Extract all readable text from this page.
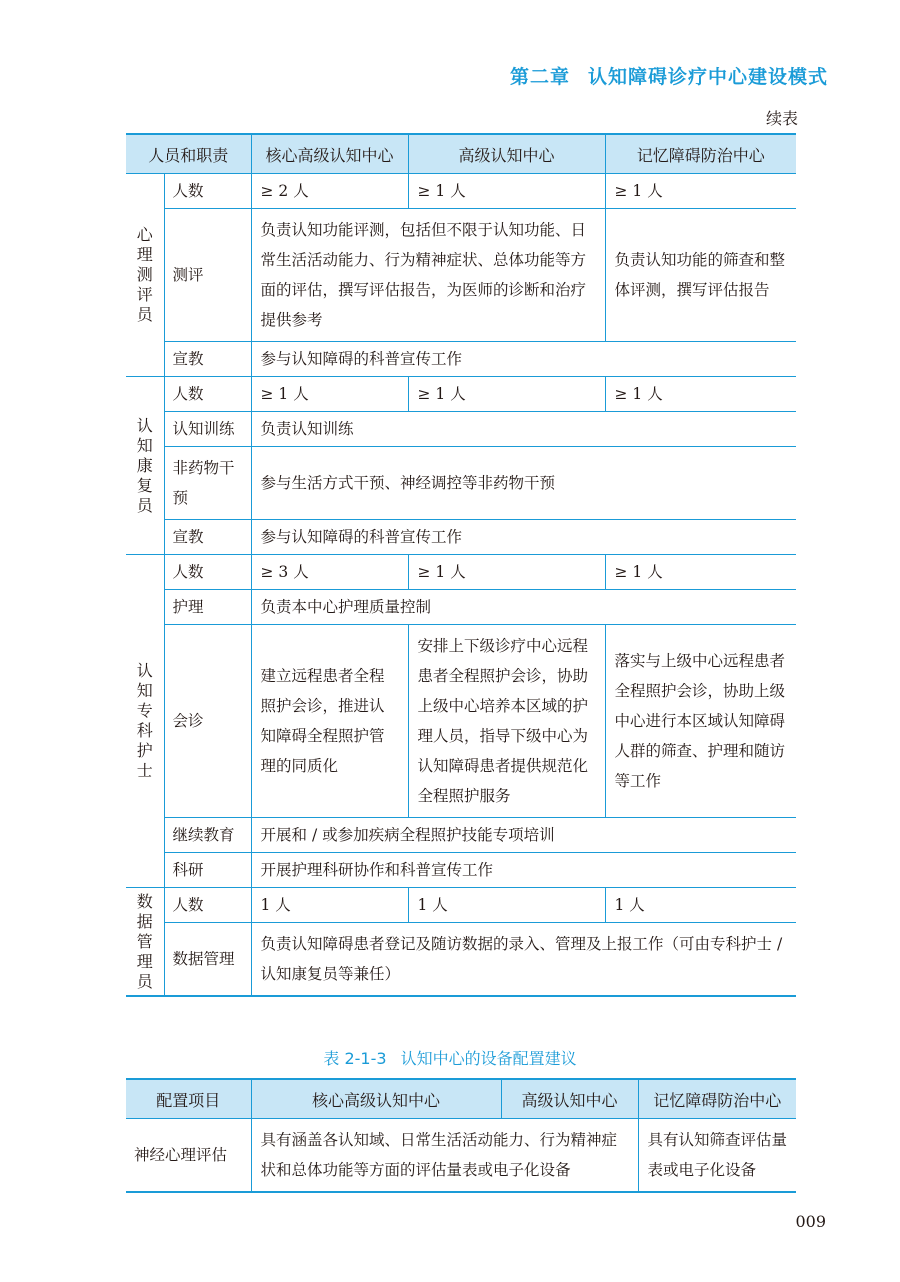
第二章 认知障碍诊疗中心建设模式
续表
人员和职责		核心高级认知中心	高级认知中心	记忆障碍防治中心
心理测评员	人数	≥ 2 人	≥ 1 人	≥ 1 人
	测评	负责认知功能评测，包括但不限于认知功能、日常生活活动能力、行为精神症状、总体功能等方面的评估，撰写评估报告，为医师的诊断和治疗提供参考		负责认知功能的筛查和整体评测，撰写评估报告
	宣教	参与认知障碍的科普宣传工作		
认知康复员	人数	≥ 1 人	≥ 1 人	≥ 1 人
	认知训练	负责认知训练		
	非药物干预	参与生活方式干预、神经调控等非药物干预		
	宣教	参与认知障碍的科普宣传工作		
认知专科护士	人数	≥ 3 人	≥ 1 人	≥ 1 人
	护理	负责本中心护理质量控制		
	会诊	建立远程患者全程照护会诊，推进认知障碍全程照护管理的同质化	安排上下级诊疗中心远程患者全程照护会诊，协助上级中心培养本区域的护理人员，指导下级中心为认知障碍患者提供规范化全程照护服务	落实与上级中心远程患者全程照护会诊，协助上级中心进行本区域认知障碍人群的筛查、护理和随访等工作
	继续教育	开展和 / 或参加疾病全程照护技能专项培训		
	科研	开展护理科研协作和科普宣传工作		
数据管理员	人数	1 人	1 人	1 人
	数据管理	负责认知障碍患者登记及随访数据的录入、管理及上报工作（可由专科护士 / 认知康复员等兼任）		
表 2-1-3 认知中心的设备配置建议
配置项目	核心高级认知中心	高级认知中心	记忆障碍防治中心
神经心理评估	具有涵盖各认知域、日常生活活动能力、行为精神症状和总体功能等方面的评估量表或电子化设备		具有认知筛查评估量表或电子化设备
009
